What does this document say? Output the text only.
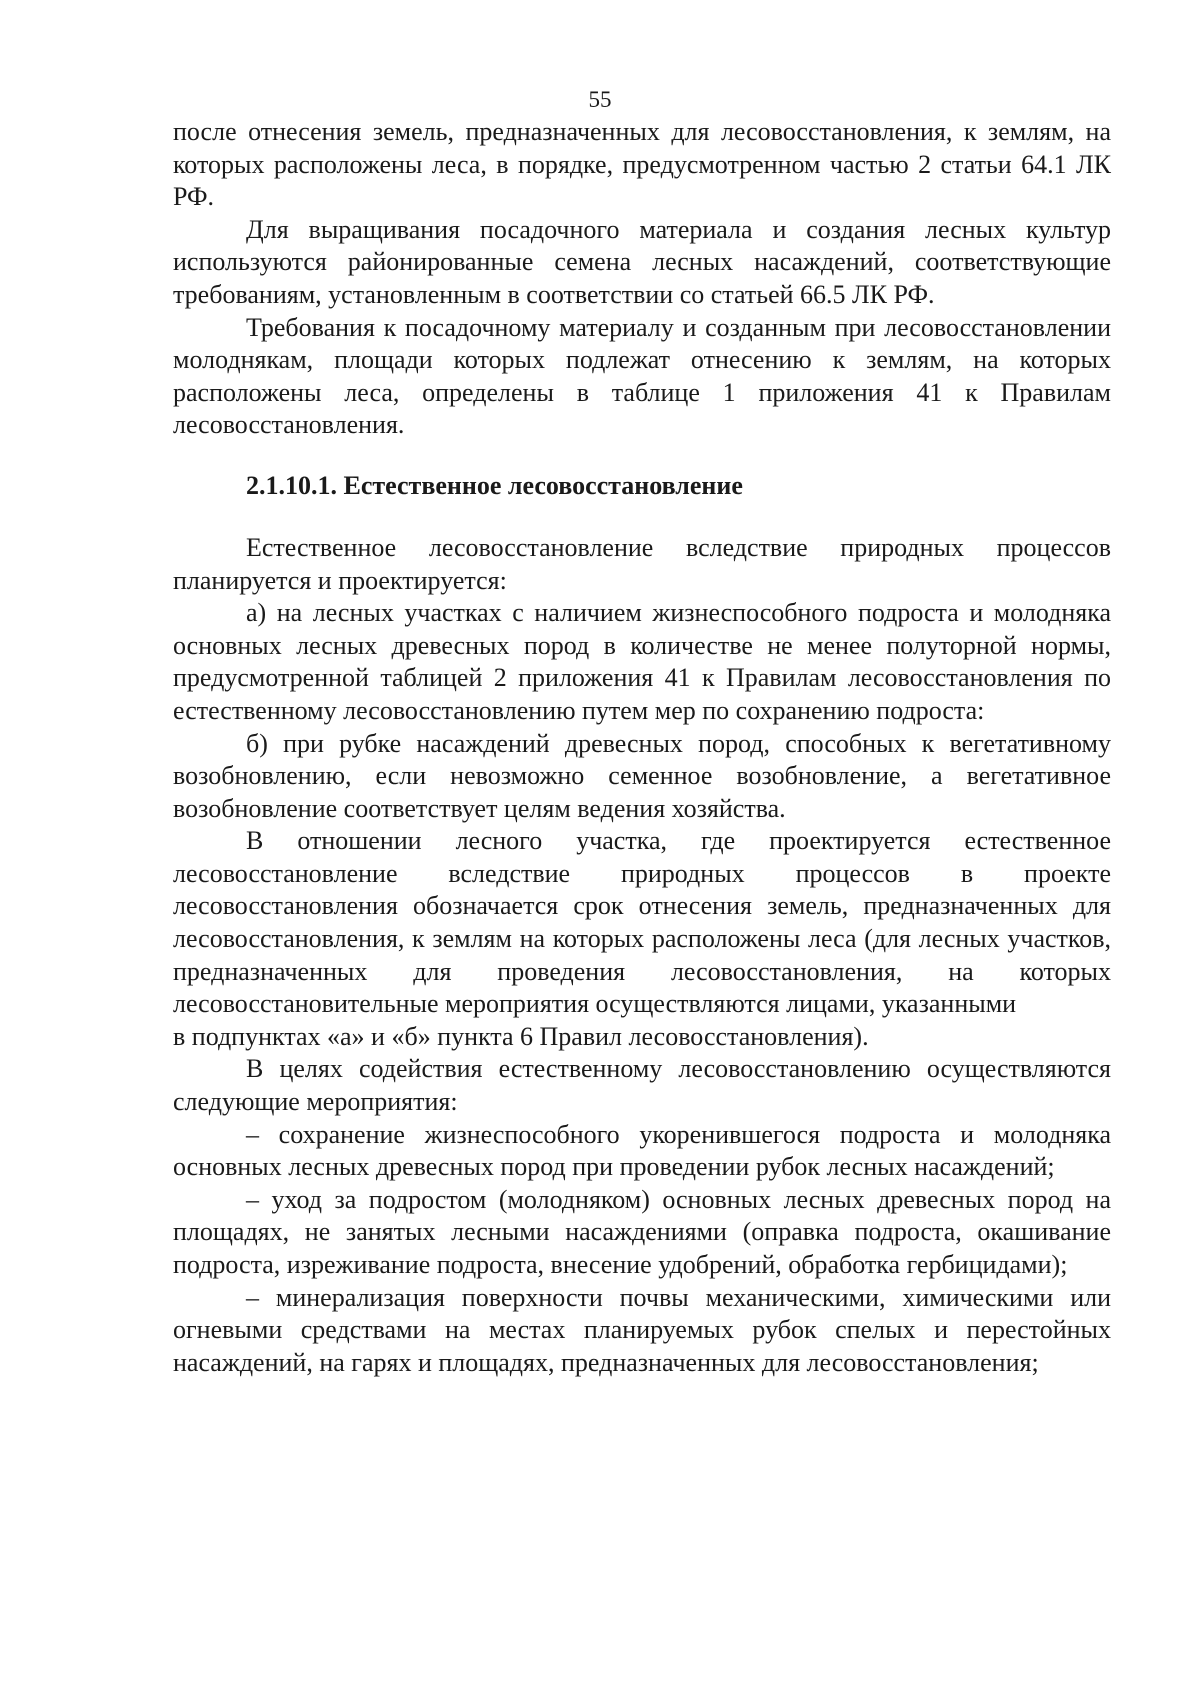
55

после отнесения земель, предназначенных для лесовосстановления, к землям, на которых расположены леса, в порядке, предусмотренном частью 2 статьи 64.1 ЛК РФ.

Для выращивания посадочного материала и создания лесных культур используются районированные семена лесных насаждений, соответствующие требованиям, установленным в соответствии со статьей 66.5 ЛК РФ.

Требования к посадочному материалу и созданным при лесовосстановлении молоднякам, площади которых подлежат отнесению к землям, на которых расположены леса, определены в таблице 1 приложения 41 к Правилам лесовосстановления.

2.1.10.1. Естественное лесовосстановление

Естественное лесовосстановление вследствие природных процессов планируется и проектируется:

а) на лесных участках с наличием жизнеспособного подроста и молодняка основных лесных древесных пород в количестве не менее полуторной нормы, предусмотренной таблицей 2 приложения 41 к Правилам лесовосстановления по естественному лесовосстановлению путем мер по сохранению подроста:

б) при рубке насаждений древесных пород, способных к вегетативному возобновлению, если невозможно семенное возобновление, а вегетативное возобновление соответствует целям ведения хозяйства.

В отношении лесного участка, где проектируется естественное лесовосстановление вследствие природных процессов в проекте лесовосстановления обозначается срок отнесения земель, предназначенных для лесовосстановления, к землям на которых расположены леса (для лесных участков, предназначенных для проведения лесовосстановления, на которых лесовосстановительные мероприятия осуществляются лицами, указанными

в подпунктах «а» и «б» пункта 6 Правил лесовосстановления).

В целях содействия естественному лесовосстановлению осуществляются следующие мероприятия:

– сохранение жизнеспособного укоренившегося подроста и молодняка основных лесных древесных пород при проведении рубок лесных насаждений;

– уход за подростом (молодняком) основных лесных древесных пород на площадях, не занятых лесными насаждениями (оправка подроста, окашивание подроста, изреживание подроста, внесение удобрений, обработка гербицидами);

– минерализация поверхности почвы механическими, химическими или огневыми средствами на местах планируемых рубок спелых и перестойных насаждений, на гарях и площадях, предназначенных для лесовосстановления;
